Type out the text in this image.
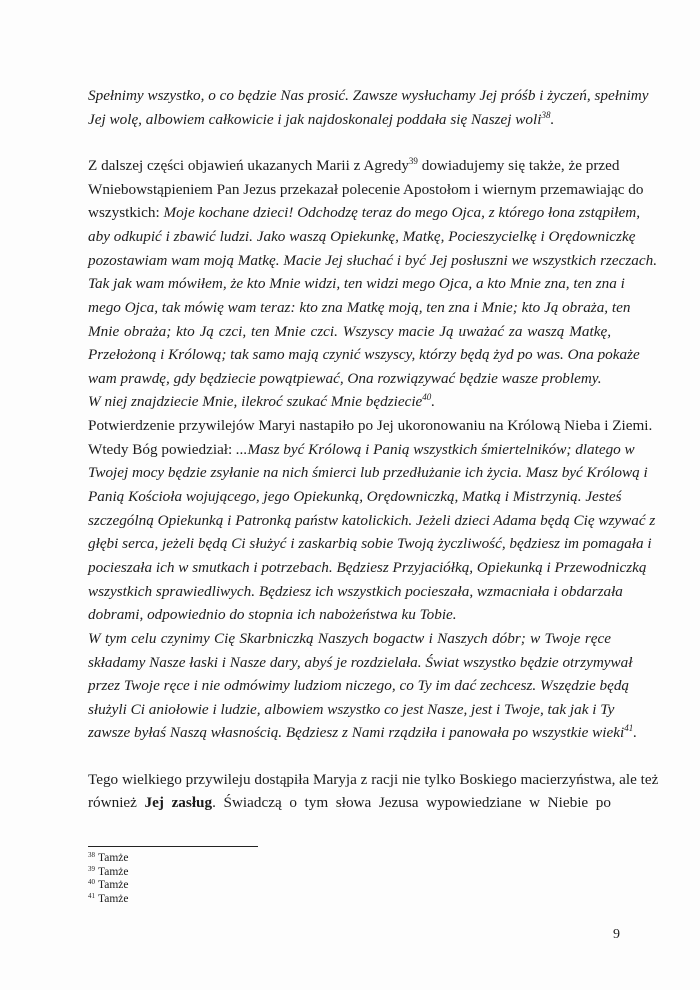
Spełnimy wszystko, o co będzie Nas prosić. Zawsze wysłuchamy Jej próśb i życzeń, spełnimy
Jej wolę, albowiem całkowicie i jak najdoskonalej poddała się Naszej woli$^{38}$.
Z dalszej części objawień ukazanych Marii z Agredy$^{39}$ dowiadujemy się także, że przed
Wniebowstąpieniem Pan Jezus przekazał polecenie Apostołom i wiernym przemawiając do
wszystkich: Moje kochane dzieci! Odchodzę teraz do mego Ojca, z którego łona zstąpiłem,
aby odkupić i zbawić ludzi. Jako waszą Opiekunkę, Matkę, Pocieszycielkę i Orędowniczkę
pozostawiam wam moją Matkę. Macie Jej słuchać i być Jej posłuszni we wszystkich rzeczach.
Tak jak wam mówiłem, że kto Mnie widzi, ten widzi mego Ojca, a kto Mnie zna, ten zna i
mego Ojca, tak mówię wam teraz: kto zna Matkę moją, ten zna i Mnie; kto Ją obraża, ten
Mnie obraża; kto Ją czci, ten Mnie czci. Wszyscy macie Ją uważać za waszą Matkę,
Przełożoną i Królową; tak samo mają czynić wszyscy, którzy będą żyd po was. Ona pokaże
wam prawdę, gdy będziecie powątpiewać, Ona rozwiązywać będzie wasze problemy.
W niej znajdziecie Mnie, ilekroć szukać Mnie będziecie$^{40}$.
Potwierdzenie przywilejów Maryi nastapiło po Jej ukoronowaniu na Królową Nieba i Ziemi.
Wtedy Bóg powiedział: ...Masz być Królową i Panią wszystkich śmiertelników; dlatego w
Twojej mocy będzie zsyłanie na nich śmierci lub przedłużanie ich życia. Masz być Królową i
Panią Kościoła wojującego, jego Opiekunką, Orędowniczką, Matką i Mistrzynią. Jesteś
szczególną Opiekunką i Patronką państw katolickich. Jeżeli dzieci Adama będą Cię wzywać z
głębi serca, jeżeli będą Ci służyć i zaskarbią sobie Twoją życzliwość, będziesz im pomagała i
pocieszała ich w smutkach i potrzebach. Będziesz Przyjaciółką, Opiekunką i Przewodniczką
wszystkich sprawiedliwych. Będziesz ich wszystkich pocieszała, wzmacniała i obdarzała
dobrami, odpowiednio do stopnia ich nabożeństwa ku Tobie.
W tym celu czynimy Cię Skarbniczką Naszych bogactw i Naszych dóbr; w Twoje ręce
składamy Nasze łaski i Nasze dary, abyś je rozdzielała. Świat wszystko będzie otrzymywał
przez Twoje ręce i nie odmówimy ludziom niczego, co Ty im dać zechcesz. Wszędzie będą
służyli Ci aniołowie i ludzie, albowiem wszystko co jest Nasze, jest i Twoje, tak jak i Ty
zawsze byłaś Naszą własnością. Będziesz z Nami rządziła i panowała po wszystkie wieki$^{41}$.
Tego wielkiego przywileju dostąpiła Maryja z racji nie tylko Boskiego macierzyństwa, ale też
również Jej zasług. Świadczą o tym słowa Jezusa wypowiedziane w Niebie po
$^{38}$ Tamże
$^{39}$ Tamże
$^{40}$ Tamże
$^{41}$ Tamże
9
